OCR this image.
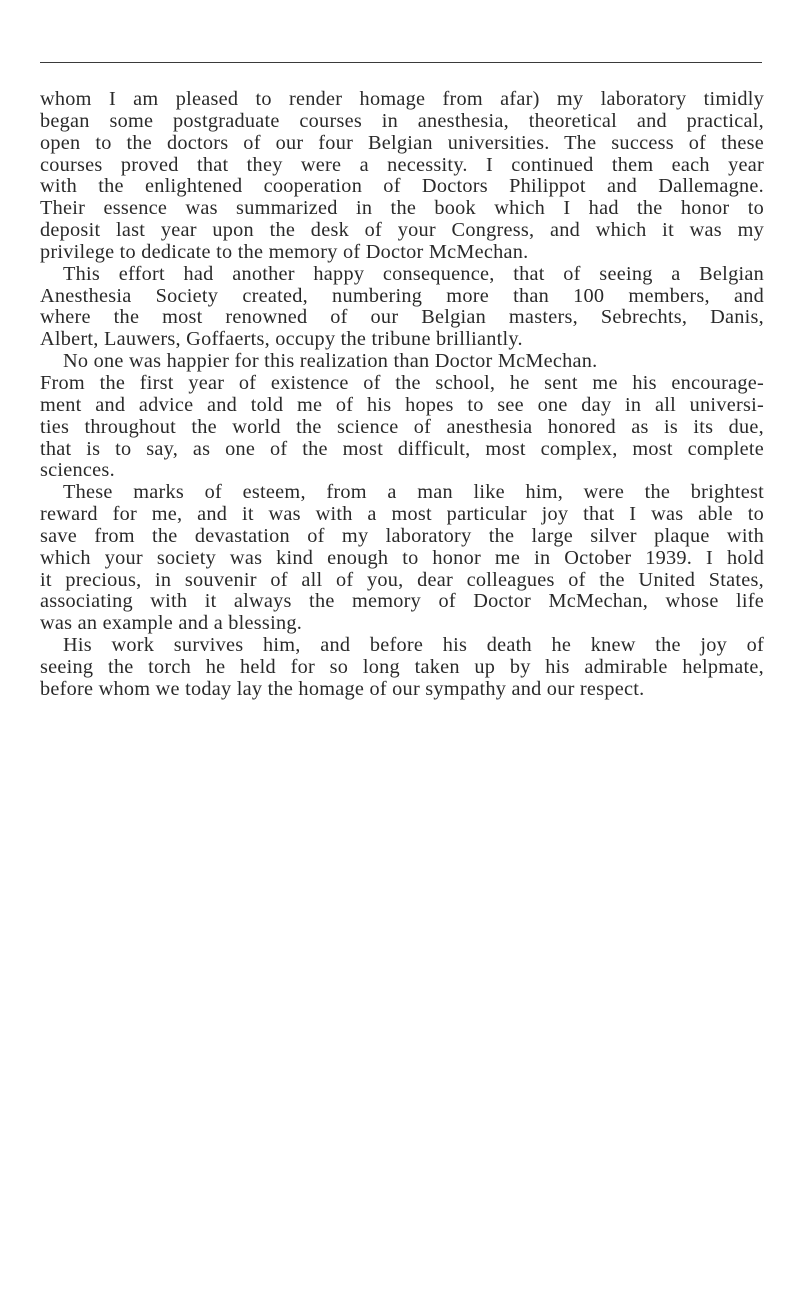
whom I am pleased to render homage from afar) my laboratory timidly
began some postgraduate courses in anesthesia, theoretical and practical,
open to the doctors of our four Belgian universities. The success of these
courses proved that they were a necessity. I continued them each year
with the enlightened cooperation of Doctors Philippot and Dallemagne.
Their essence was summarized in the book which I had the honor to
deposit last year upon the desk of your Congress, and which it was my
privilege to dedicate to the memory of Doctor McMechan.
This effort had another happy consequence, that of seeing a Belgian
Anesthesia Society created, numbering more than 100 members, and
where the most renowned of our Belgian masters, Sebrechts, Danis,
Albert, Lauwers, Goffaerts, occupy the tribune brilliantly.
No one was happier for this realization than Doctor McMechan.
From the first year of existence of the school, he sent me his encourage-
ment and advice and told me of his hopes to see one day in all universi-
ties throughout the world the science of anesthesia honored as is its due,
that is to say, as one of the most difficult, most complex, most complete
sciences.
These marks of esteem, from a man like him, were the brightest
reward for me, and it was with a most particular joy that I was able to
save from the devastation of my laboratory the large silver plaque with
which your society was kind enough to honor me in October 1939. I hold
it precious, in souvenir of all of you, dear colleagues of the United States,
associating with it always the memory of Doctor McMechan, whose life
was an example and a blessing.
His work survives him, and before his death he knew the joy of
seeing the torch he held for so long taken up by his admirable helpmate,
before whom we today lay the homage of our sympathy and our respect.
